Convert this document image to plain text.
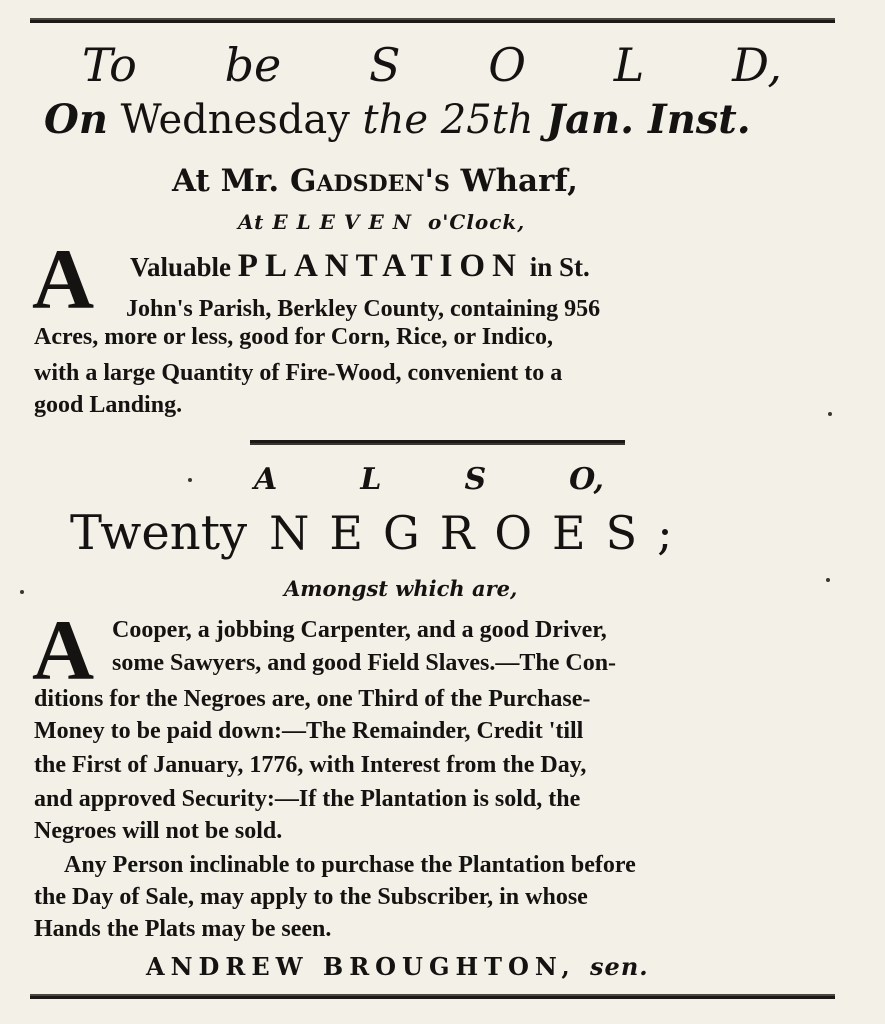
To be S O L D,
On Wednesday the 25th Jan. Inst.
At Mr. Gadsden's Wharf,
At ELEVEN o'Clock,
A Valuable PLANTATION in St.
John's Parish, Berkley County, containing 956
Acres, more or less, good for Corn, Rice, or Indico,
with a large Quantity of Fire-Wood, convenient to a
good Landing.
A	L	S	O,
Twenty NEGROES;
Amongst which are,
A Cooper, a jobbing Carpenter, and a good Driver,
some Sawyers, and good Field Slaves.—The Con-
ditions for the Negroes are, one Third of the Purchase-
Money to be paid down:—The Remainder, Credit 'till
the First of January, 1776, with Interest from the Day,
and approved Security:—If the Plantation is sold, the
Negroes will not be sold.
Any Person inclinable to purchase the Plantation before
the Day of Sale, may apply to the Subscriber, in whose
Hands the Plats may be seen.
ANDREW BROUGHTON, sen.
